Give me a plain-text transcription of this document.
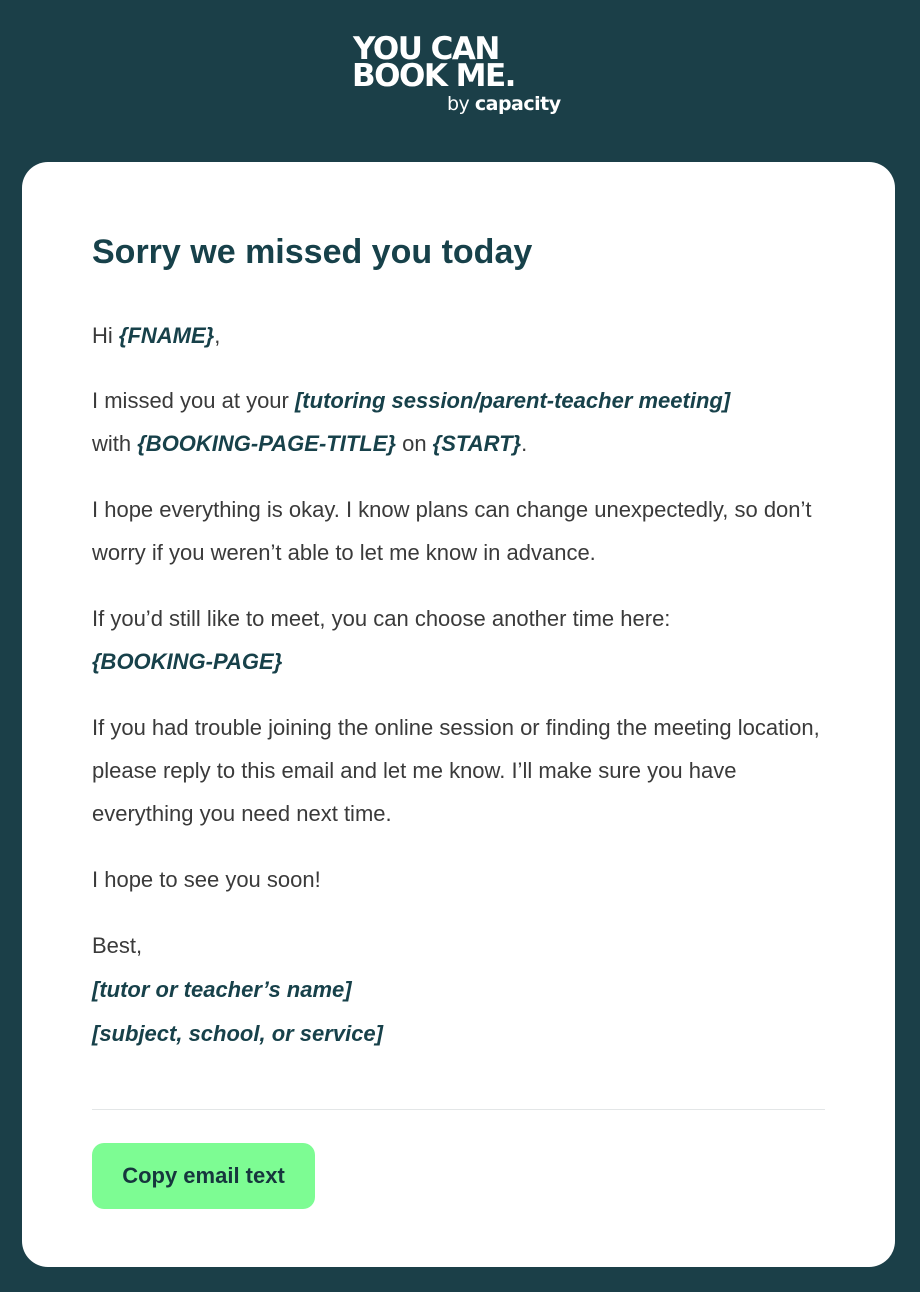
YOU CAN
BOOK ME.
by capacity
Sorry we missed you today

Hi {FNAME},

I missed you at your [tutoring session/parent-teacher meeting]
with {BOOKING-PAGE-TITLE} on {START}.

I hope everything is okay. I know plans can change unexpectedly, so don’t worry if you weren’t able to let me know in advance.

If you’d still like to meet, you can choose another time here:
{BOOKING-PAGE}

If you had trouble joining the online session or finding the meeting location, please reply to this email and let me know. I’ll make sure you have everything you need next time.

I hope to see you soon!

Best,

[tutor or teacher’s name]

[subject, school, or service]

Copy email text
